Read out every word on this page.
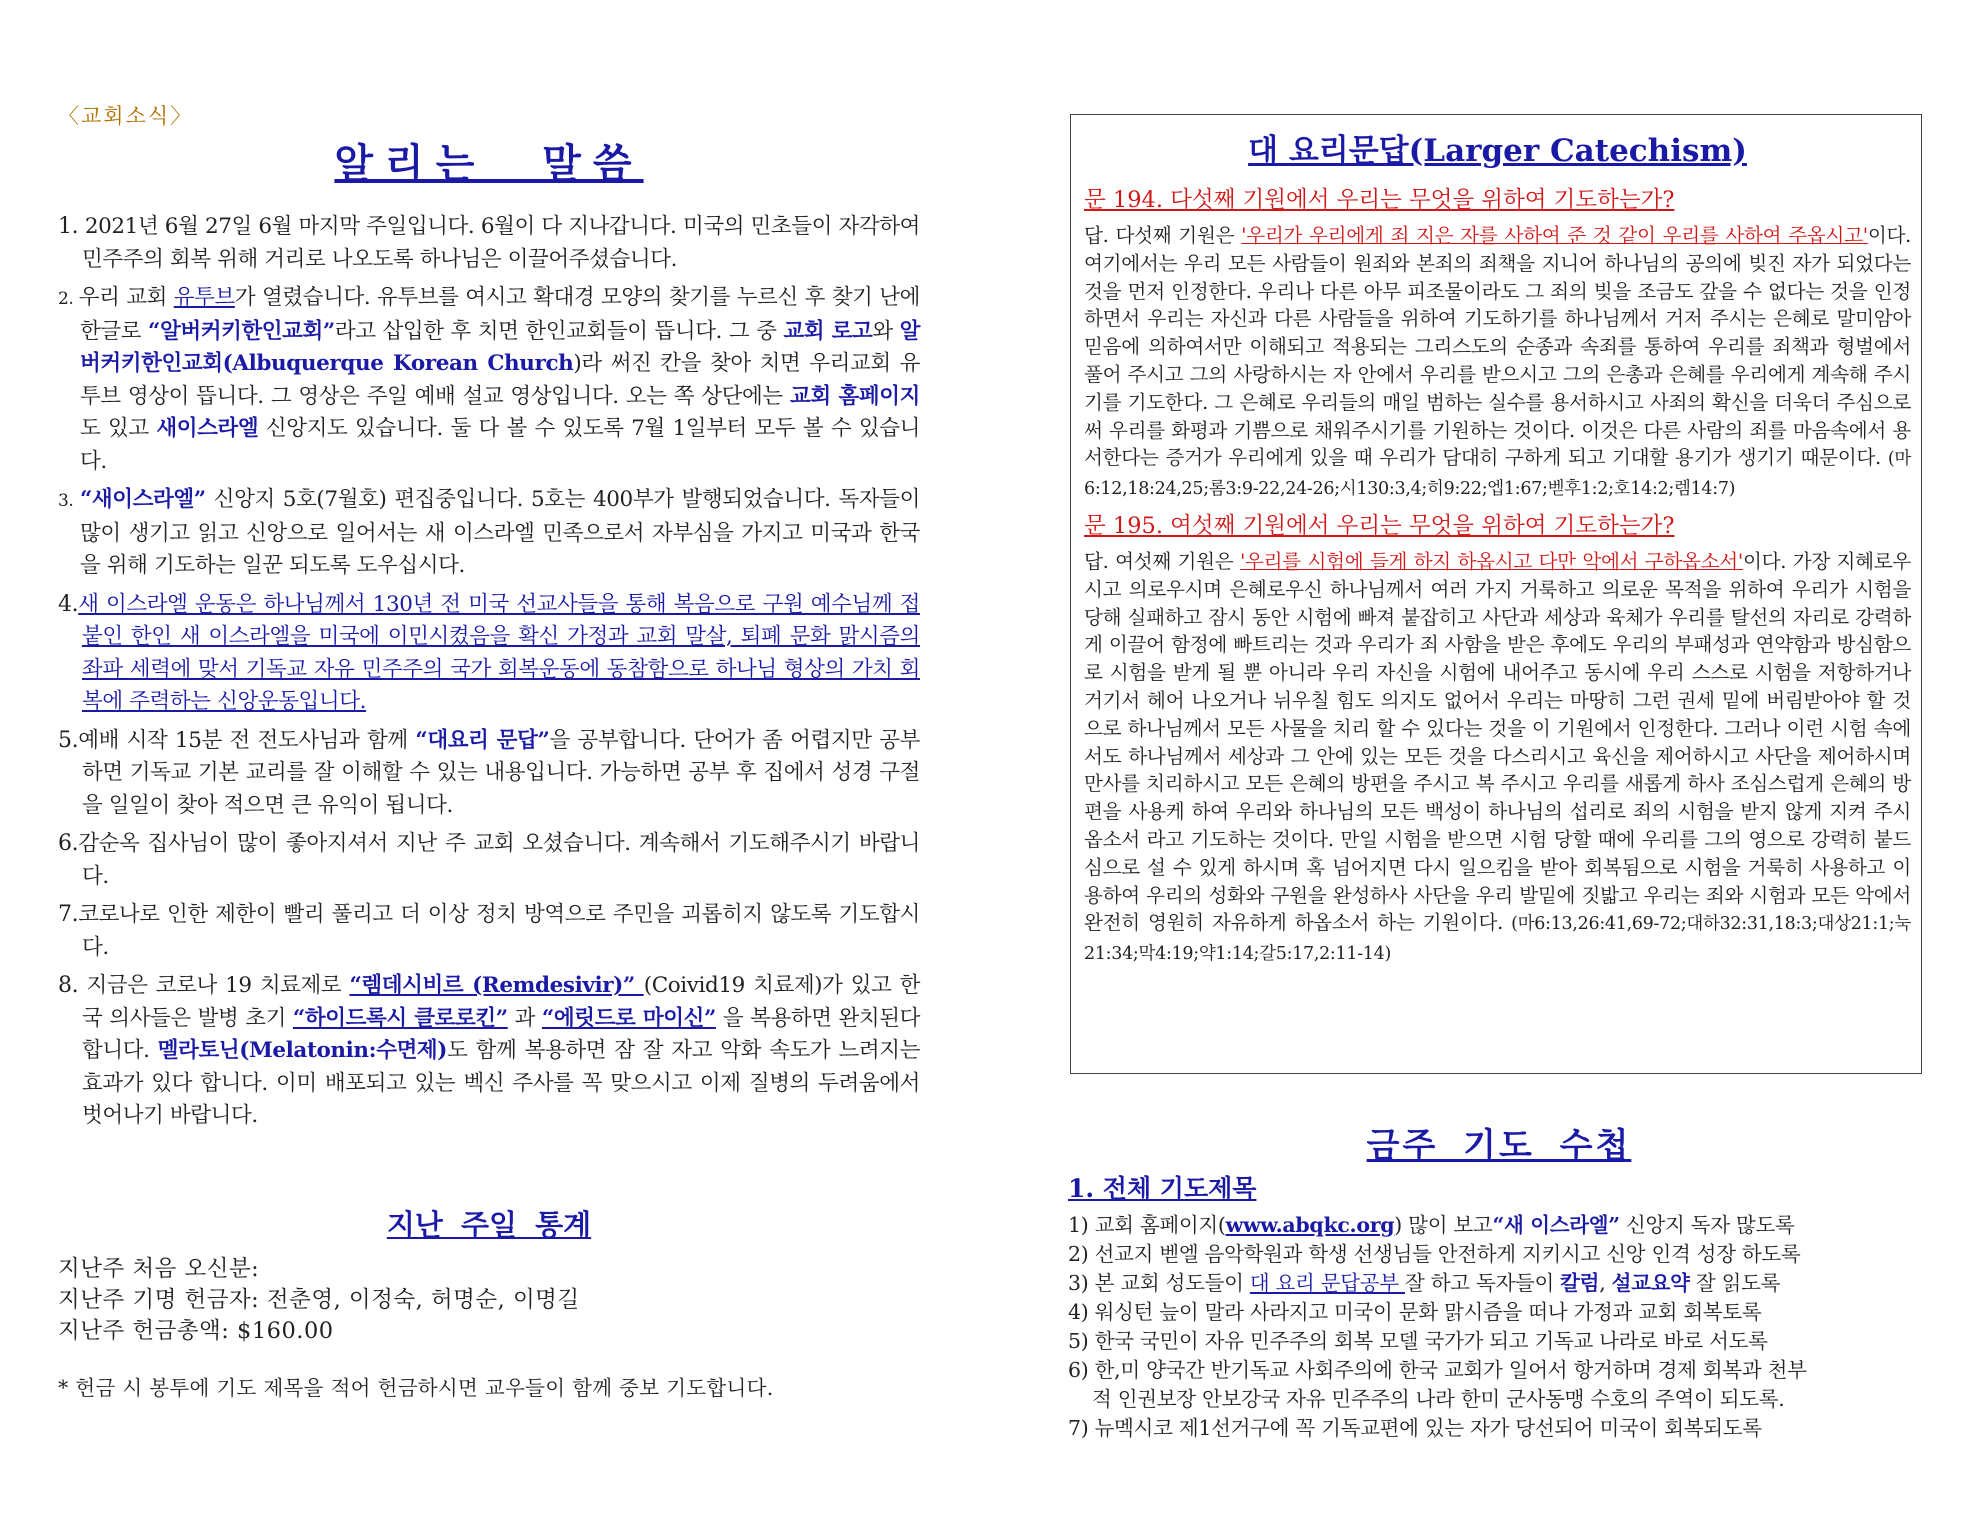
〈교회소식〉
알리는 말씀
1. 2021년 6월 27일 6월 마지막 주일입니다. 6월이 다 지나갑니다. 미국의 민초들이 자각하여 민주주의 회복 위해 거리로 나오도록 하나님은 이끌어주셨습니다.
2. 우리 교회 유투브가 열렸습니다. 유투브를 여시고 확대경 모양의 찾기를 누르신 후 찾기 난에 한글로 “알버커키한인교회”라고 삽입한 후 치면 한인교회들이 뜹니다. 그 중 교회 로고와 알버커키한인교회(Albuquerque Korean Church)라 써진 칸을 찾아 치면 우리교회 유투브 영상이 뜹니다. 그 영상은 주일 예배 설교 영상입니다. 오는 쪽 상단에는 교회 홈페이지도 있고 새이스라엘 신앙지도 있습니다. 둘 다 볼 수 있도록 7월 1일부터 모두 볼 수 있습니다.
3. “새이스라엘” 신앙지 5호(7월호) 편집중입니다. 5호는 400부가 발행되었습니다. 독자들이 많이 생기고 읽고 신앙으로 일어서는 새 이스라엘 민족으로서 자부심을 가지고 미국과 한국을 위해 기도하는 일꾼 되도록 도우십시다.
4.새 이스라엘 운동은 하나님께서 130년 전 미국 선교사들을 통해 복음으로 구원 예수님께 접붙인 한인 새 이스라엘을 미국에 이민시켰음을 확신 가정과 교회 말살, 퇴폐 문화 맑시즘의 좌파 세력에 맞서 기독교 자유 민주주의 국가 회복운동에 동참함으로 하나님 형상의 가치 회복에 주력하는 신앙운동입니다.
5.예배 시작 15분 전 전도사님과 함께 “대요리 문답”을 공부합니다. 단어가 좀 어렵지만 공부하면 기독교 기본 교리를 잘 이해할 수 있는 내용입니다. 가능하면 공부 후 집에서 성경 구절을 일일이 찾아 적으면 큰 유익이 됩니다.
6.감순옥 집사님이 많이 좋아지셔서 지난 주 교회 오셨습니다. 계속해서 기도해주시기 바랍니다.
7.코로나로 인한 제한이 빨리 풀리고 더 이상 정치 방역으로 주민을 괴롭히지 않도록 기도합시다.
8. 지금은 코로나 19 치료제로 “렘데시비르 (Remdesivir)” (Coivid19 치료제)가 있고 한국 의사들은 발병 초기 “하이드록시 클로로킨” 과 “에릿드로 마이신” 을 복용하면 완치된다 합니다. 멜라토닌(Melatonin:수면제)도 함께 복용하면 잠 잘 자고 악화 속도가 느려지는 효과가 있다 합니다. 이미 배포되고 있는 벡신 주사를 꼭 맞으시고 이제 질병의 두려움에서 벗어나기 바랍니다.
지난 주일 통계
지난주 처음 오신분:
지난주 기명 헌금자: 전춘영, 이정숙, 허명순, 이명길
지난주 헌금총액: $160.00
* 헌금 시 봉투에 기도 제목을 적어 헌금하시면 교우들이 함께 중보 기도합니다.
대 요리문답(Larger Catechism)
문 194. 다섯째 기원에서 우리는 무엇을 위하여 기도하는가?
답. 다섯째 기원은 '우리가 우리에게 죄 지은 자를 사하여 준 것 같이 우리를 사하여 주옵시고'이다. 여기에서는 우리 모든 사람들이 원죄와 본죄의 죄책을 지니어 하나님의 공의에 빚진 자가 되었다는 것을 먼저 인정한다. 우리나 다른 아무 피조물이라도 그 죄의 빚을 조금도 갚을 수 없다는 것을 인정하면서 우리는 자신과 다른 사람들을 위하여 기도하기를 하나님께서 거저 주시는 은혜로 말미암아 믿음에 의하여서만 이해되고 적용되는 그리스도의 순종과 속죄를 통하여 우리를 죄책과 형벌에서 풀어 주시고 그의 사랑하시는 자 안에서 우리를 받으시고 그의 은총과 은혜를 우리에게 계속해 주시기를 기도한다. 그 은혜로 우리들의 매일 범하는 실수를 용서하시고 사죄의 확신을 더욱더 주심으로써 우리를 화평과 기쁨으로 채워주시기를 기원하는 것이다. 이것은 다른 사람의 죄를 마음속에서 용서한다는 증거가 우리에게 있을 때 우리가 담대히 구하게 되고 기대할 용기가 생기기 때문이다. (마6:12,18:24,25;롬3:9-22,24-26;시130:3,4;히9:22;엡1:67;벧후1:2;호14:2;렘14:7)
문 195. 여섯째 기원에서 우리는 무엇을 위하여 기도하는가?
답. 여섯째 기원은 '우리를 시험에 들게 하지 하옵시고 다만 악에서 구하옵소서'이다. 가장 지혜로우시고 의로우시며 은혜로우신 하나님께서 여러 가지 거룩하고 의로운 목적을 위하여 우리가 시험을 당해 실패하고 잠시 동안 시험에 빠져 붙잡히고 사단과 세상과 육체가 우리를 탈선의 자리로 강력하게 이끌어 함정에 빠트리는 것과 우리가 죄 사함을 받은 후에도 우리의 부패성과 연약함과 방심함으로 시험을 받게 될 뿐 아니라 우리 자신을 시험에 내어주고 동시에 우리 스스로 시험을 저항하거나 거기서 헤어 나오거나 뉘우칠 힘도 의지도 없어서 우리는 마땅히 그런 권세 밑에 버림받아야 할 것으로 하나님께서 모든 사물을 치리 할 수 있다는 것을 이 기원에서 인정한다. 그러나 이런 시험 속에서도 하나님께서 세상과 그 안에 있는 모든 것을 다스리시고 육신을 제어하시고 사단을 제어하시며 만사를 치리하시고 모든 은혜의 방편을 주시고 복 주시고 우리를 새롭게 하사 조심스럽게 은혜의 방편을 사용케 하여 우리와 하나님의 모든 백성이 하나님의 섭리로 죄의 시험을 받지 않게 지켜 주시옵소서 라고 기도하는 것이다. 만일 시험을 받으면 시험 당할 때에 우리를 그의 영으로 강력히 붙드심으로 설 수 있게 하시며 혹 넘어지면 다시 일으킴을 받아 회복됨으로 시험을 거룩히 사용하고 이용하여 우리의 성화와 구원을 완성하사 사단을 우리 발밑에 짓밟고 우리는 죄와 시험과 모든 악에서 완전히 영원히 자유하게 하옵소서 하는 기원이다. (마6:13,26:41,69-72;대하32:31,18:3;대상21:1;눅21:34;막4:19;약1:14;갈5:17,2:11-14)
금주 기도 수첩
1. 전체 기도제목
1) 교회 홈페이지(www.abqkc.org) 많이 보고“새 이스라엘” 신앙지 독자 많도록
2) 선교지 벧엘 음악학원과 학생 선생님들 안전하게 지키시고 신앙 인격 성장 하도록
3) 본 교회 성도들이 대 요리 문답공부 잘 하고 독자들이 칼럼, 설교요약 잘 읽도록
4) 워싱턴 늪이 말라 사라지고 미국이 문화 맑시즘을 떠나 가정과 교회 회복토록
5) 한국 국민이 자유 민주주의 회복 모델 국가가 되고 기독교 나라로 바로 서도록
6) 한,미 양국간 반기독교 사회주의에 한국 교회가 일어서 항거하며 경제 회복과 천부
적 인권보장 안보강국 자유 민주주의 나라 한미 군사동맹 수호의 주역이 되도록.
7) 뉴멕시코 제1선거구에 꼭 기독교편에 있는 자가 당선되어 미국이 회복되도록
